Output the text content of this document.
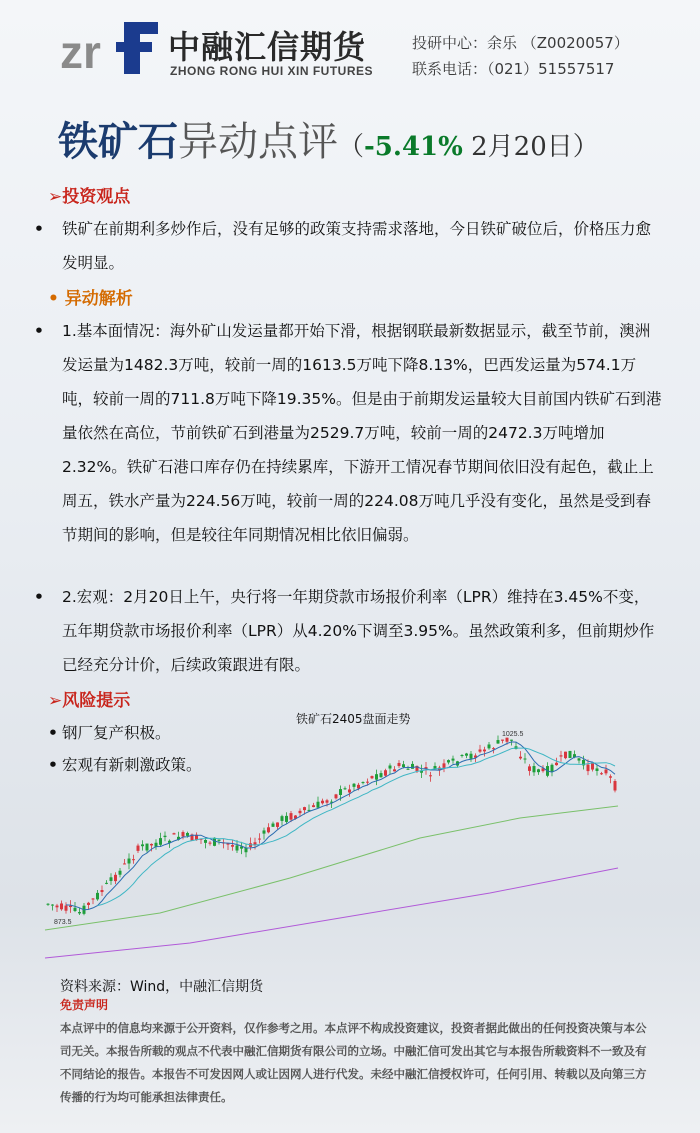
zr 中融汇信期货
ZHONG RONG HUI XIN FUTURES
投研中心：余乐 （Z0020057）
联系电话：（021）51557517
铁矿石异动点评（-5.41% 2月20日）
➢投资观点
• 铁矿在前期利多炒作后，没有足够的政策支持需求落地，今日铁矿破位后，价格压力愈发明显。
• 异动解析
• 1.基本面情况：海外矿山发运量都开始下滑，根据钢联最新数据显示，截至节前，澳洲发运量为1482.3万吨，较前一周的1613.5万吨下降8.13%，巴西发运量为574.1万吨，较前一周的711.8万吨下降19.35%。但是由于前期发运量较大目前国内铁矿石到港量依然在高位，节前铁矿石到港量为2529.7万吨，较前一周的2472.3万吨增加2.32%。铁矿石港口库存仍在持续累库，下游开工情况春节期间依旧没有起色，截止上周五，铁水产量为224.56万吨，较前一周的224.08万吨几乎没有变化，虽然是受到春节期间的影响，但是较往年同期情况相比依旧偏弱。
• 2.宏观：2月20日上午，央行将一年期贷款市场报价利率（LPR）维持在3.45%不变，五年期贷款市场报价利率（LPR）从4.20%下调至3.95%。虽然政策利多，但前期炒作已经充分计价，后续政策跟进有限。
➢风险提示
• 钢厂复产积极。
• 宏观有新刺激政策。
铁矿石2405盘面走势
1025.5
873.5
资料来源：Wind，中融汇信期货
免责声明
本点评中的信息均来源于公开资料，仅作参考之用。本点评不构成投资建议，投资者据此做出的任何投资决策与本公司无关。本报告所载的观点不代表中融汇信期货有限公司的立场。中融汇信可发出其它与本报告所载资料不一致及有不同结论的报告。本报告不可发因网人或让因网人进行代发。未经中融汇信授权许可，任何引用、转载以及向第三方传播的行为均可能承担法律责任。
